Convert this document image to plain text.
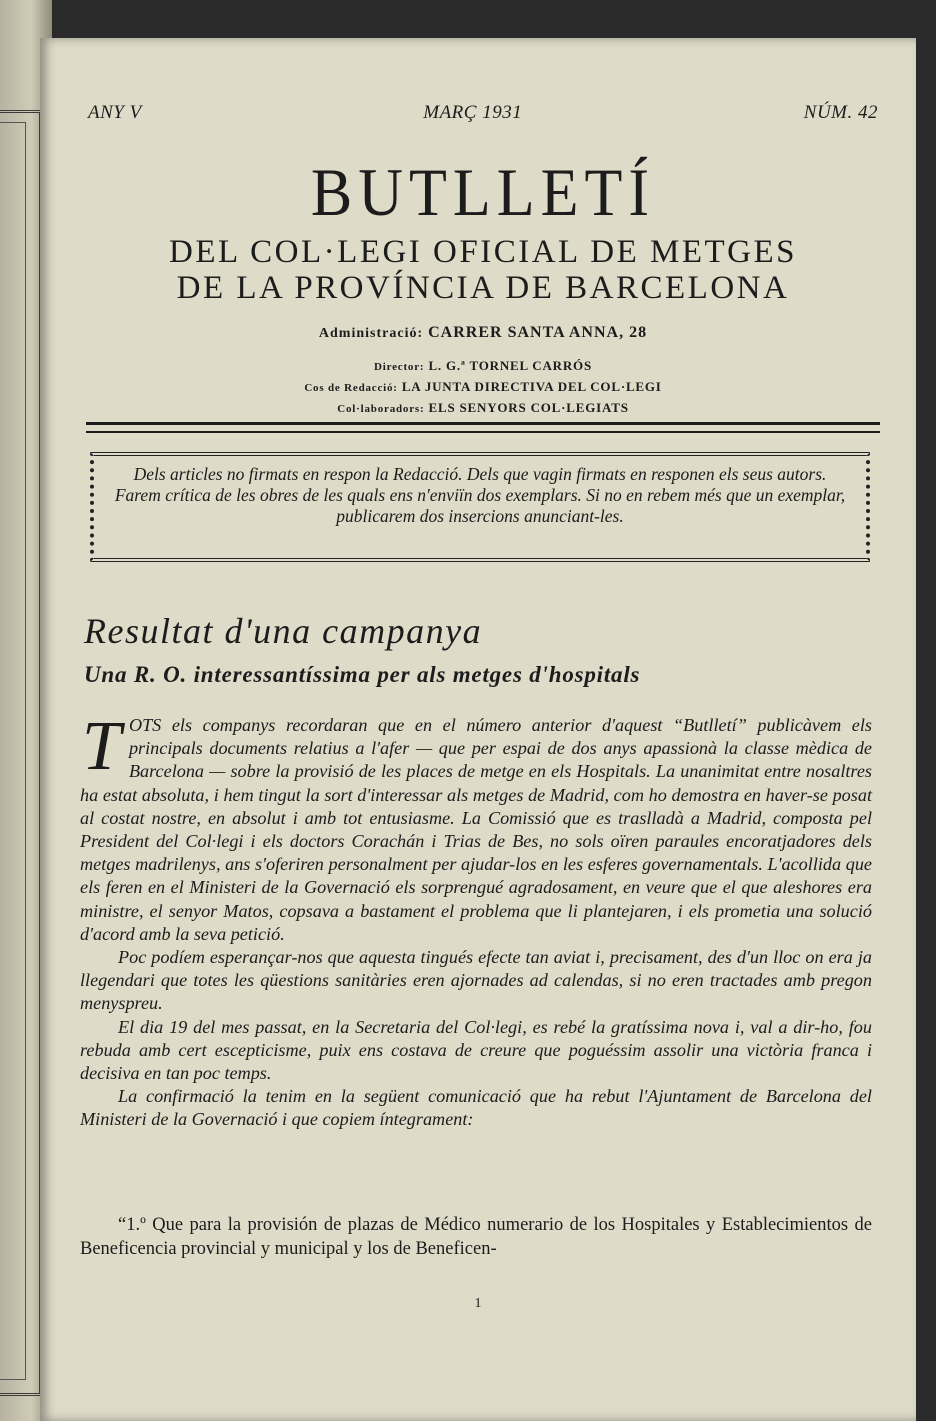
ANY V	MARÇ 1931	NÚM. 42
BUTLLETÍ
DEL COL·LEGI OFICIAL DE METGES
DE LA PROVÍNCIA DE BARCELONA
Administració: CARRER SANTA ANNA, 28
Director: L. G.ª TORNEL CARRÓS
Cos de Redacció: LA JUNTA DIRECTIVA DEL COL·LEGI
Col·laboradors: ELS SENYORS COL·LEGIATS
Dels articles no firmats en respon la Redacció. Dels que vagin firmats en responen els seus autors.
Farem crítica de les obres de les quals ens n'enviïn dos exemplars. Si no en rebem més que un exemplar, publicarem dos insercions anunciant-les.
Resultat d'una campanya
Una R. O. interessantíssima per als metges d'hospitals

TOTS els companys recordaran que en el número anterior d'aquest “Butlletí” publicàvem els principals documents relatius a l'afer — que per espai de dos anys apassionà la classe mèdica de Barcelona — sobre la provisió de les places de metge en els Hospitals. La unanimitat entre nosaltres ha estat absoluta, i hem tingut la sort d'interessar als metges de Madrid, com ho demostra en haver-se posat al costat nostre, en absolut i amb tot entusiasme. La Comissió que es traslladà a Madrid, composta pel President del Col·legi i els doctors Corachán i Trias de Bes, no sols oïren paraules encoratjadores dels metges madrilenys, ans s'oferiren personalment per ajudar-los en les esferes governamentals. L'acollida que els feren en el Ministeri de la Governació els sorprengué agradosament, en veure que el que aleshores era ministre, el senyor Matos, copsava a bastament el problema que li plantejaren, i els prometia una solució d'acord amb la seva petició.

Poc podíem esperançar-nos que aquesta tingués efecte tan aviat i, precisament, des d'un lloc on era ja llegendari que totes les qüestions sanitàries eren ajornades ad calendas, si no eren tractades amb pregon menyspreu.

El dia 19 del mes passat, en la Secretaria del Col·legi, es rebé la gratíssima nova i, val a dir-ho, fou rebuda amb cert escepticisme, puix ens costava de creure que poguéssim assolir una victòria franca i decisiva en tan poc temps.

La confirmació la tenim en la següent comunicació que ha rebut l'Ajuntament de Barcelona del Ministeri de la Governació i que copiem íntegrament:

“1.º Que para la provisión de plazas de Médico numerario de los Hospitales y Establecimientos de Beneficencia provincial y municipal y los de Beneficen-

1
